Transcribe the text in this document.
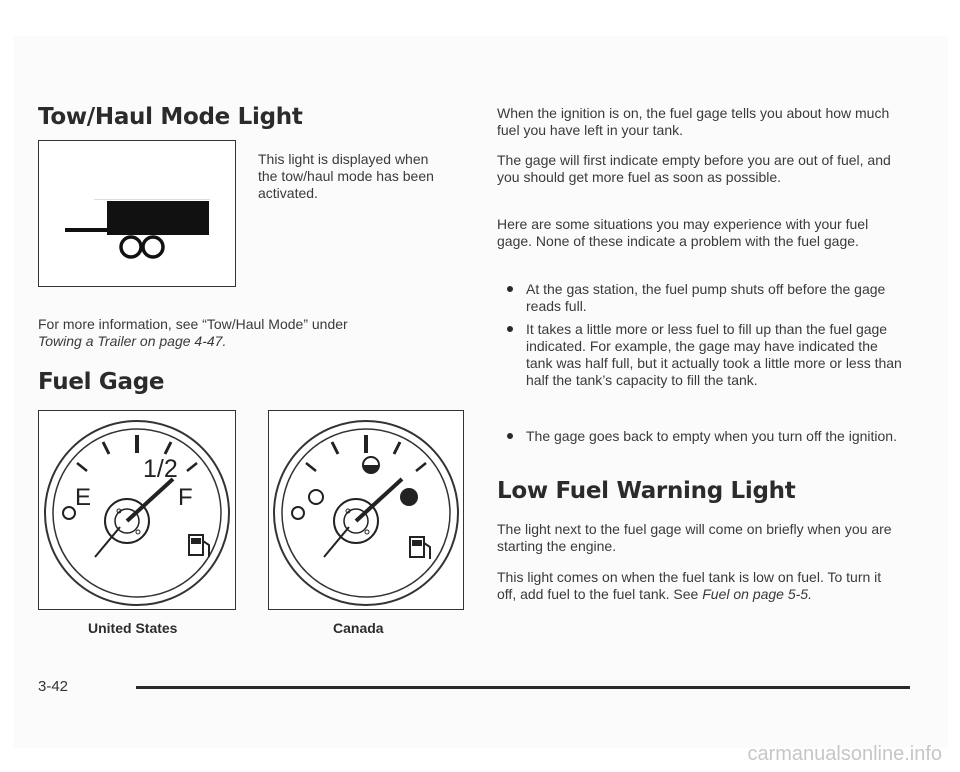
Tow/Haul Mode Light

This light is displayed when the tow/haul mode has been activated.

For more information, see “Tow/Haul Mode” under
Towing a Trailer on page 4-47.

Fuel Gage
1/2
E	F
United States	Canada

When the ignition is on, the fuel gage tells you about how much fuel you have left in your tank.

The gage will first indicate empty before you are out of fuel, and you should get more fuel as soon as possible.

Here are some situations you may experience with your fuel gage. None of these indicate a problem with the fuel gage.

At the gas station, the fuel pump shuts off before the gage reads full.
It takes a little more or less fuel to fill up than the fuel gage indicated. For example, the gage may have indicated the tank was half full, but it actually took a little more or less than half the tank’s capacity to fill the tank.
The gage goes back to empty when you turn off the ignition.
Low Fuel Warning Light

The light next to the fuel gage will come on briefly when you are starting the engine.

This light comes on when the fuel tank is low on fuel. To turn it off, add fuel to the fuel tank. See Fuel on page 5-5.

3-42
carmanualsonline.info
